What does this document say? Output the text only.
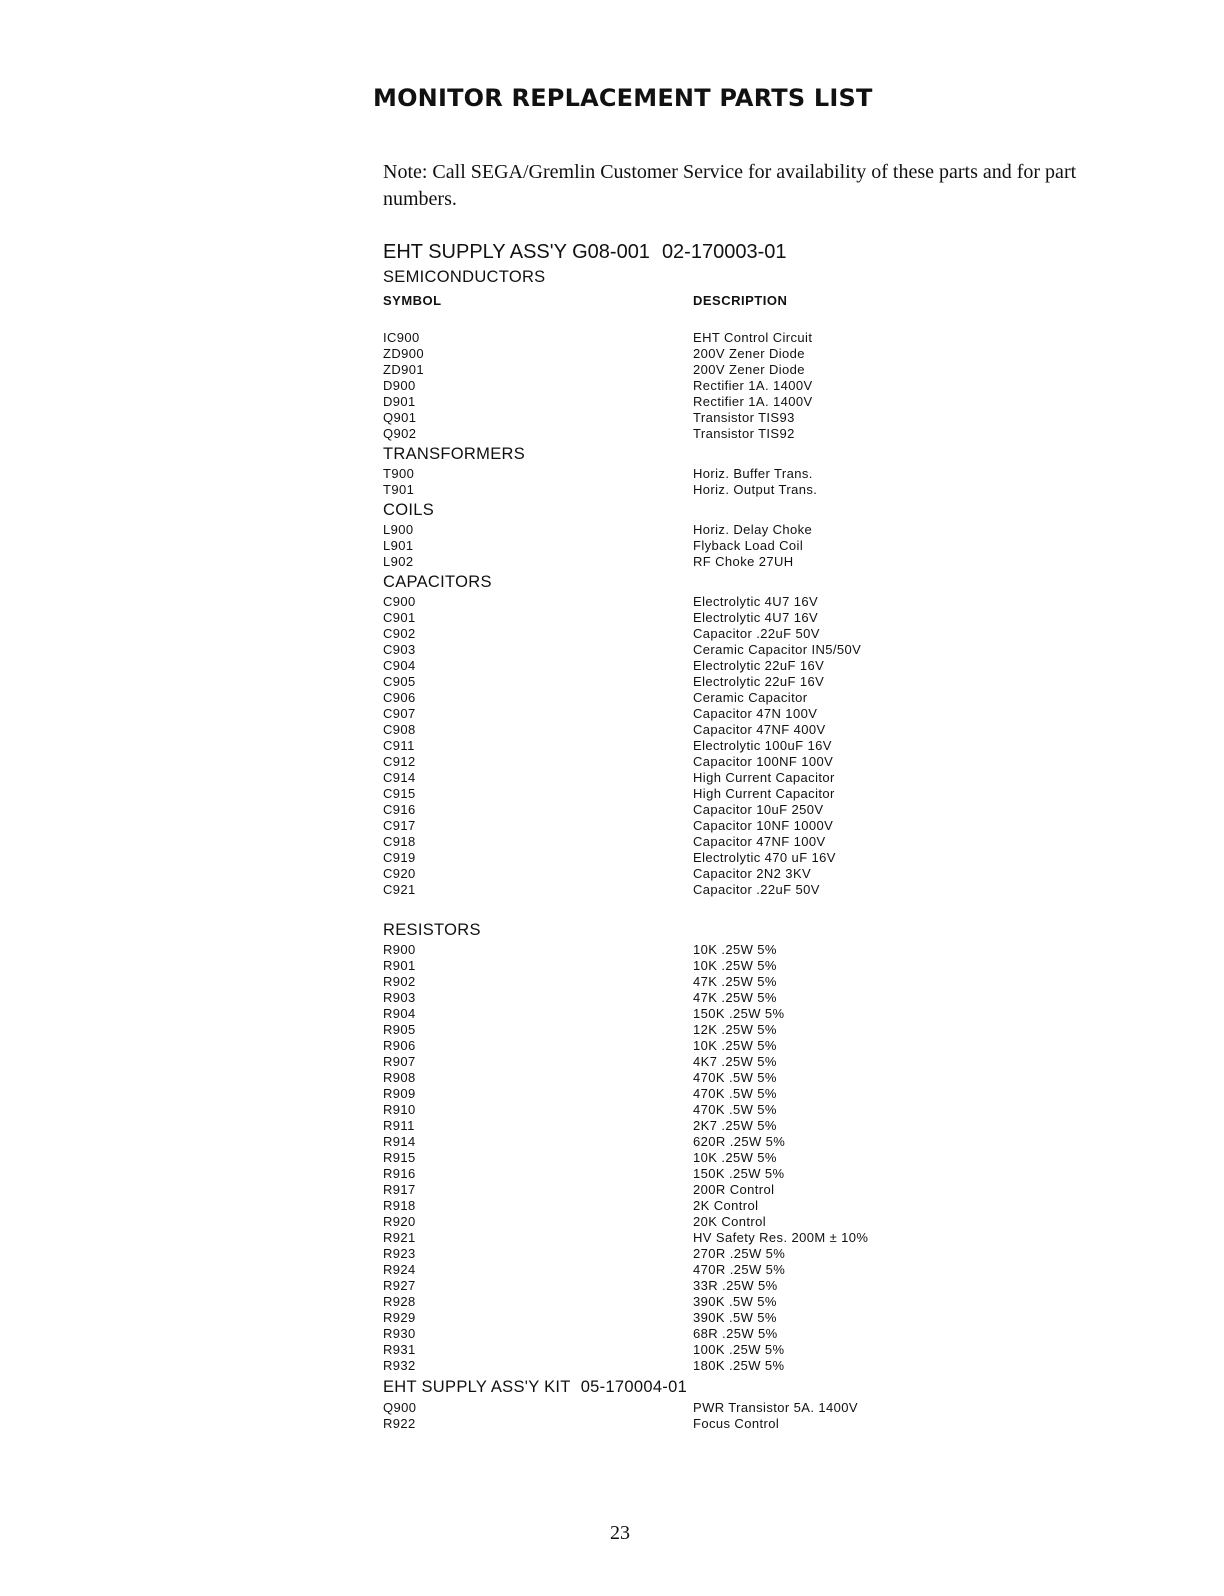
MONITOR REPLACEMENT PARTS LIST
Note: Call SEGA/Gremlin Customer Service for availability of these parts and for part numbers.
EHT SUPPLY ASS'Y G08-001 02-170003-01
SEMICONDUCTORS
SYMBOL	DESCRIPTION
IC900	EHT Control Circuit
ZD900	200V Zener Diode
ZD901	200V Zener Diode
D900	Rectifier 1A. 1400V
D901	Rectifier 1A. 1400V
Q901	Transistor TIS93
Q902	Transistor TIS92
TRANSFORMERS
T900	Horiz. Buffer Trans.
T901	Horiz. Output Trans.
COILS
L900	Horiz. Delay Choke
L901	Flyback Load Coil
L902	RF Choke 27UH
CAPACITORS
C900	Electrolytic 4U7 16V
C901	Electrolytic 4U7 16V
C902	Capacitor .22uF 50V
C903	Ceramic Capacitor IN5/50V
C904	Electrolytic 22uF 16V
C905	Electrolytic 22uF 16V
C906	Ceramic Capacitor
C907	Capacitor 47N 100V
C908	Capacitor 47NF 400V
C911	Electrolytic 100uF 16V
C912	Capacitor 100NF 100V
C914	High Current Capacitor
C915	High Current Capacitor
C916	Capacitor 10uF 250V
C917	Capacitor 10NF 1000V
C918	Capacitor 47NF 100V
C919	Electrolytic 470 uF 16V
C920	Capacitor 2N2 3KV
C921	Capacitor .22uF 50V
RESISTORS
R900	10K .25W 5%
R901	10K .25W 5%
R902	47K .25W 5%
R903	47K .25W 5%
R904	150K .25W 5%
R905	12K .25W 5%
R906	10K .25W 5%
R907	4K7 .25W 5%
R908	470K .5W 5%
R909	470K .5W 5%
R910	470K .5W 5%
R911	2K7 .25W 5%
R914	620R .25W 5%
R915	10K .25W 5%
R916	150K .25W 5%
R917	200R Control
R918	2K Control
R920	20K Control
R921	HV Safety Res. 200M ± 10%
R923	270R .25W 5%
R924	470R .25W 5%
R927	33R .25W 5%
R928	390K .5W 5%
R929	390K .5W 5%
R930	68R .25W 5%
R931	100K .25W 5%
R932	180K .25W 5%
EHT SUPPLY ASS'Y KIT 05-170004-01
Q900	PWR Transistor 5A. 1400V
R922	Focus Control
23
